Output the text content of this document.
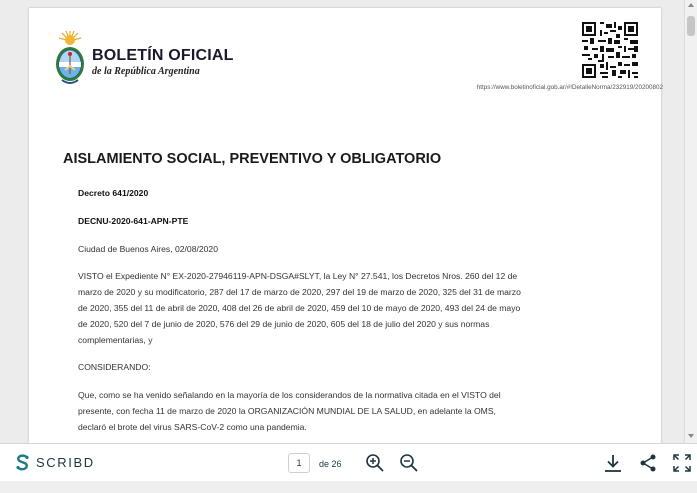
BOLETÍN OFICIAL
de la República Argentina
https://www.boletinoficial.gob.ar/#!DetalleNorma/232919/20200802
AISLAMIENTO SOCIAL, PREVENTIVO Y OBLIGATORIO
Decreto 641/2020
DECNU-2020-641-APN-PTE
Ciudad de Buenos Aires, 02/08/2020
VISTO el Expediente N° EX-2020-27946119-APN-DSGA#SLYT, la Ley N° 27.541, los Decretos Nros. 260 del 12 de
marzo de 2020 y su modificatorio, 287 del 17 de marzo de 2020, 297 del 19 de marzo de 2020, 325 del 31 de marzo
de 2020, 355 del 11 de abril de 2020, 408 del 26 de abril de 2020, 459 del 10 de mayo de 2020, 493 del 24 de mayo
de 2020, 520 del 7 de junio de 2020, 576 del 29 de junio de 2020, 605 del 18 de julio del 2020 y sus normas
complementarias, y
CONSIDERANDO:
Que, como se ha venido señalando en la mayoría de los considerandos de la normativa citada en el VISTO del
presente, con fecha 11 de marzo de 2020 la ORGANIZACIÓN MUNDIAL DE LA SALUD, en adelante la OMS,
declaró el brote del virus SARS-CoV-2 como una pandemia.
SCRIBD	1	de 26
